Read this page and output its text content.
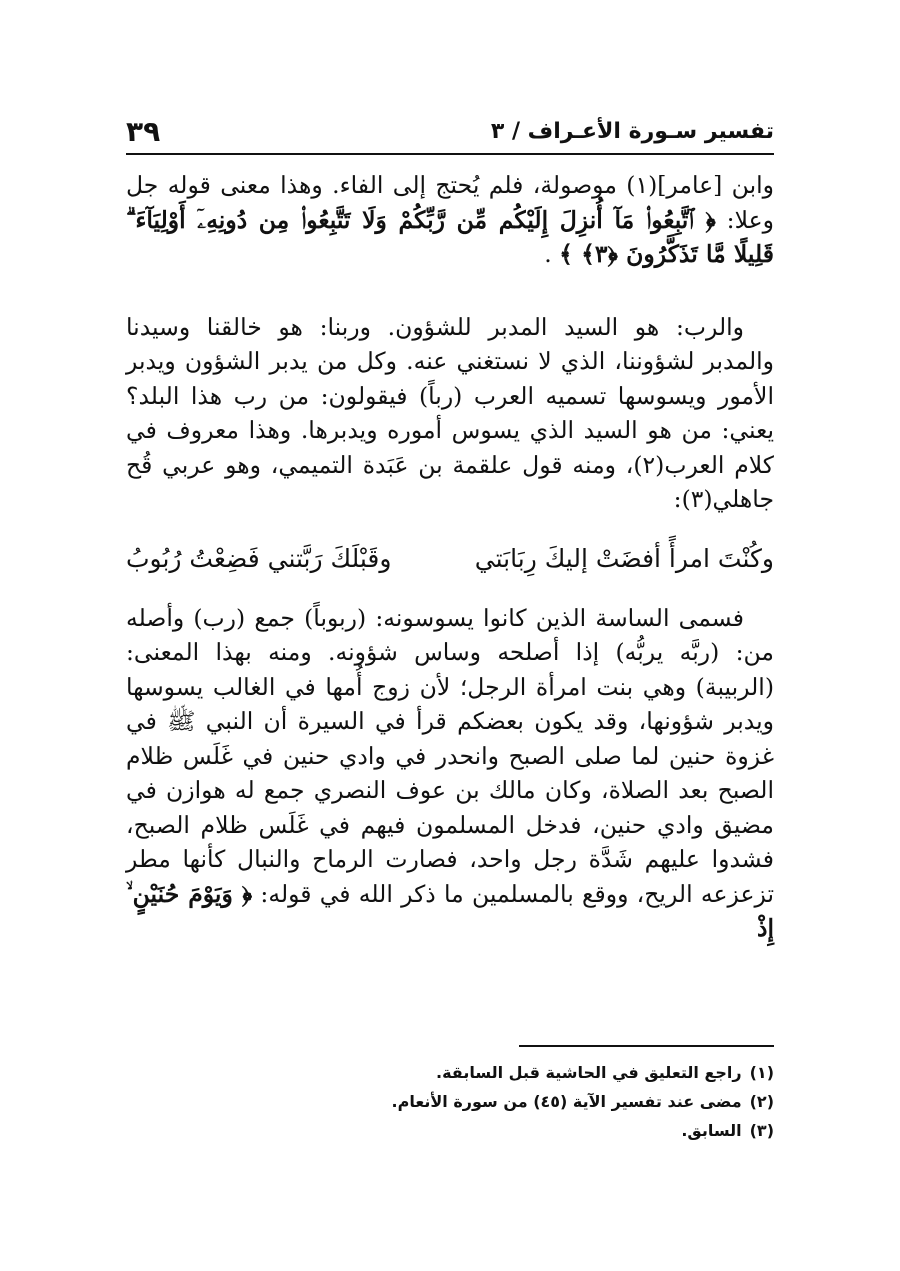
تفسير سـورة الأعـراف / ٣
٣٩

وابن [عامر](١) موصولة، فلم يُحتج إلى الفاء. وهذا معنى قوله جل وعلا: ﴿ ٱتَّبِعُوا۟ مَآ أُنزِلَ إِلَيْكُم مِّن رَّبِّكُمْ وَلَا تَتَّبِعُوا۟ مِن دُونِهِۦٓ أَوْلِيَآءَ ۗ قَلِيلًا مَّا تَذَكَّرُونَ ﴿٣﴾ ﴾ .

والرب: هو السيد المدبر للشؤون. وربنا: هو خالقنا وسيدنا والمدبر لشؤوننا، الذي لا نستغني عنه. وكل من يدبر الشؤون ويدبر الأمور ويسوسها تسميه العرب (رباً) فيقولون: من رب هذا البلد؟ يعني: من هو السيد الذي يسوس أموره ويدبرها. وهذا معروف في كلام العرب(٢)، ومنه قول علقمة بن عَبَدة التميمي، وهو عربي قُح جاهلي(٣):

وكُنْتَ امرأً أفضَتْ إليكَ رِبَابَتي
وقَبْلَكَ رَبَّتني فَضِعْتُ رُبُوبُ

فسمى الساسة الذين كانوا يسوسونه: (ربوباً) جمع (رب) وأصله من: (ربَّه يربُّه) إذا أصلحه وساس شؤونه. ومنه بهذا المعنى: (الربيبة) وهي بنت امرأة الرجل؛ لأن زوج أُمها في الغالب يسوسها ويدبر شؤونها، وقد يكون بعضكم قرأ في السيرة أن النبي ﷺ في غزوة حنين لما صلى الصبح وانحدر في وادي حنين في غَلَس ظلام الصبح بعد الصلاة، وكان مالك بن عوف النصري جمع له هوازن في مضيق وادي حنين، فدخل المسلمون فيهم في غَلَس ظلام الصبح، فشدوا عليهم شَدَّة رجل واحد، فصارت الرماح والنبال كأنها مطر تزعزعه الريح، ووقع بالمسلمين ما ذكر الله في قوله: ﴿ وَيَوْمَ حُنَيْنٍ ۙ إِذْ

(١)
راجع التعليق في الحاشية قبل السابقة.
(٢)
مضى عند تفسير الآية (٤٥) من سورة الأنعام.
(٣)
السابق.
